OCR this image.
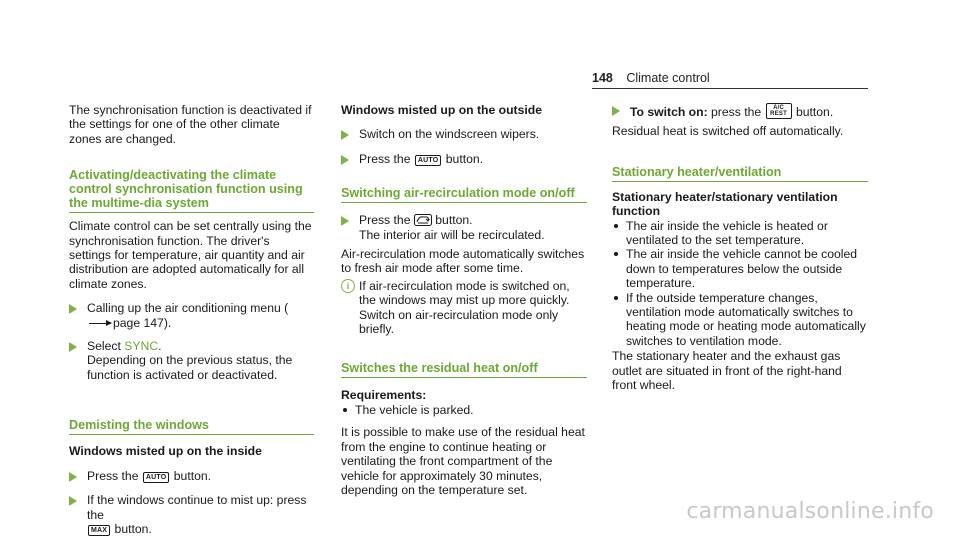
148 Climate control

The synchronisation function is deactivated if the settings for one of the other climate zones are changed.

Activating/deactivating the climate control synchronisation function using the multime-dia system

Climate control can be set centrally using the synchronisation function. The driver's settings for temperature, air quantity and air distribution are adopted automatically for all climate zones.

Calling up the air conditioning menu (page 147).
Select SYNC.
Depending on the previous status, the function is activated or deactivated.
Demisting the windows
Windows misted up on the inside
Press the AUTO button.
If the windows continue to mist up: press the
MAX button.
Windows misted up on the outside
Switch on the windscreen wipers.
Press the AUTO button.
Switching air-recirculation mode on/off
Press the button.
The interior air will be recirculated.

Air-recirculation mode automatically switches to fresh air mode after some time.

i If air-recirculation mode is switched on, the windows may mist up more quickly. Switch on air-recirculation mode only briefly.
Switches the residual heat on/off
Requirements:
The vehicle is parked.

It is possible to make use of the residual heat from the engine to continue heating or ventilating the front compartment of the vehicle for approximately 30 minutes, depending on the temperature set.

To switch on: press the A/C REST button.

Residual heat is switched off automatically.

Stationary heater/ventilation
Stationary heater/stationary ventilation function
The air inside the vehicle is heated or ventilated to the set temperature.
The air inside the vehicle cannot be cooled down to temperatures below the outside temperature.
If the outside temperature changes, ventilation mode automatically switches to heating mode or heating mode automatically switches to ventilation mode.

The stationary heater and the exhaust gas outlet are situated in front of the right-hand front wheel.

carmanualsonline.info
